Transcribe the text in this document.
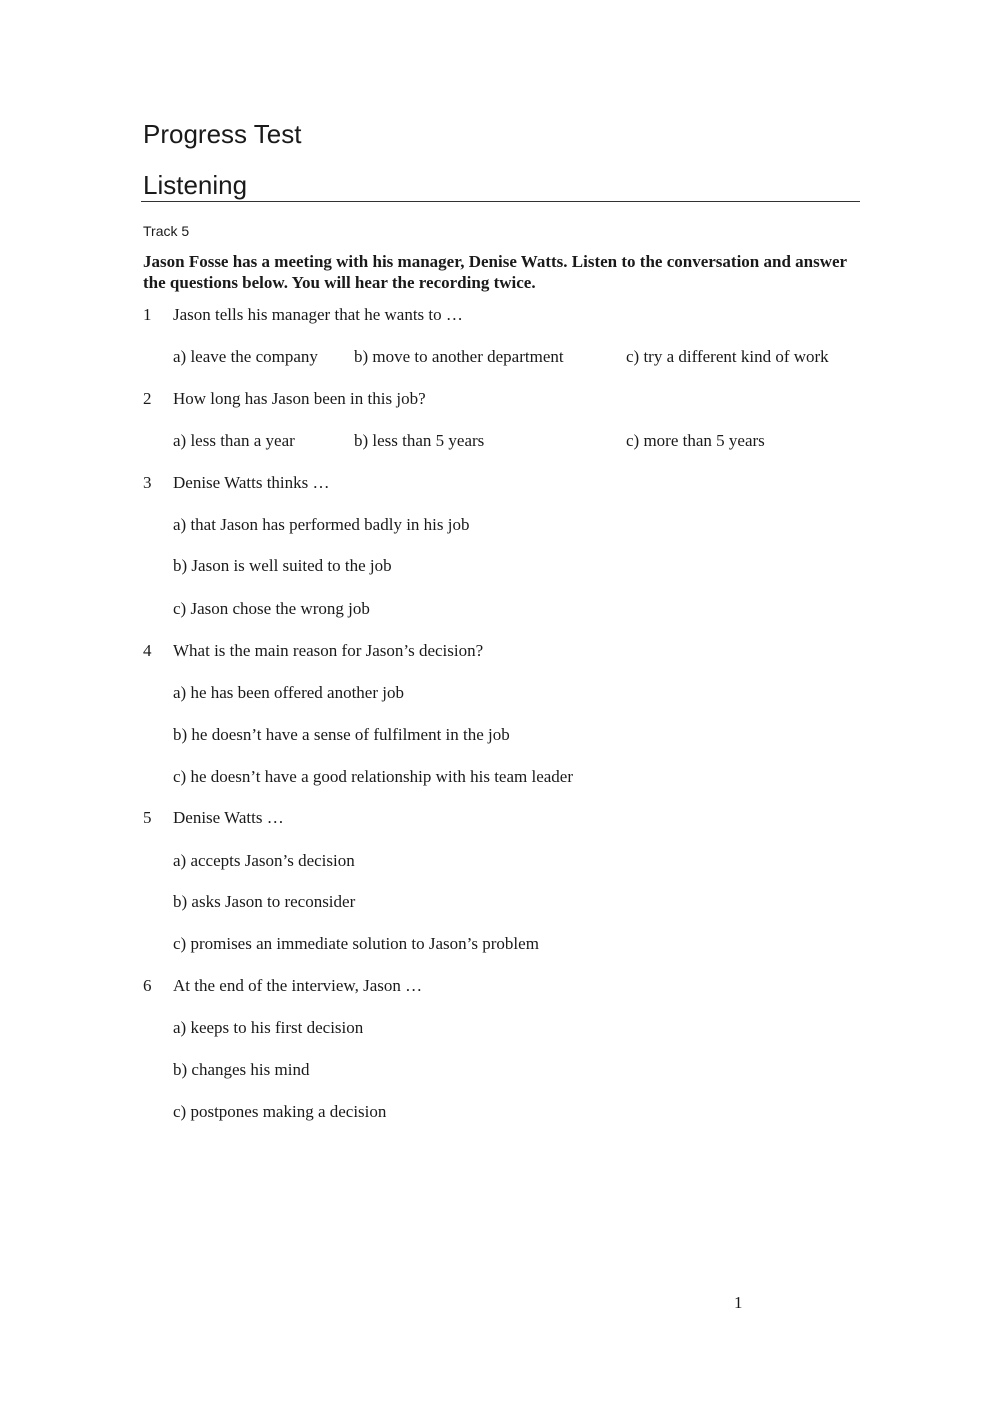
Progress Test
Listening
Track 5
Jason Fosse has a meeting with his manager, Denise Watts. Listen to the conversation and answer the questions below. You will hear the recording twice.
1 Jason tells his manager that he wants to …
a) leave the company b) move to another department	c) try a different kind of work
2 How long has Jason been in this job?
a) less than a year	b) less than 5 years	c) more than 5 years
3 Denise Watts thinks …
a) that Jason has performed badly in his job
b) Jason is well suited to the job
c) Jason chose the wrong job
4 What is the main reason for Jason’s decision?
a) he has been offered another job
b) he doesn’t have a sense of fulfilment in the job
c) he doesn’t have a good relationship with his team leader
5 Denise Watts …
a) accepts Jason’s decision
b) asks Jason to reconsider
c) promises an immediate solution to Jason’s problem
6 At the end of the interview, Jason …
a) keeps to his first decision
b) changes his mind
c) postpones making a decision
1
